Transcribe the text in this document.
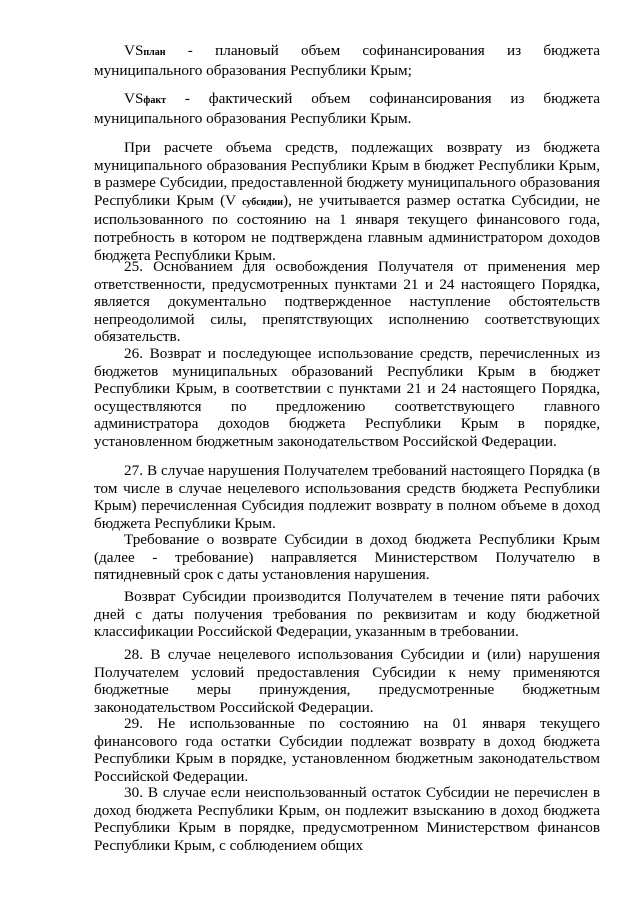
VSплан - плановый объем софинансирования из бюджета муниципального образования Республики Крым;

VSфакт - фактический объем софинансирования из бюджета муниципального образования Республики Крым.

При расчете объема средств, подлежащих возврату из бюджета муниципального образования Республики Крым в бюджет Республики Крым, в размере Субсидии, предоставленной бюджету муниципального образования Республики Крым (V субсидии), не учитывается размер остатка Субсидии, не использованного по состоянию на 1 января текущего финансового года, потребность в котором не подтверждена главным администратором доходов бюджета Республики Крым.

25. Основанием для освобождения Получателя от применения мер ответственности, предусмотренных пунктами 21 и 24 настоящего Порядка, является документально подтвержденное наступление обстоятельств непреодолимой силы, препятствующих исполнению соответствующих обязательств.

26. Возврат и последующее использование средств, перечисленных из бюджетов муниципальных образований Республики Крым в бюджет Республики Крым, в соответствии с пунктами 21 и 24 настоящего Порядка, осуществляются по предложению соответствующего главного администратора доходов бюджета Республики Крым в порядке, установленном бюджетным законодательством Российской Федерации.

27. В случае нарушения Получателем требований настоящего Порядка (в том числе в случае нецелевого использования средств бюджета Республики Крым) перечисленная Субсидия подлежит возврату в полном объеме в доход бюджета Республики Крым.

Требование о возврате Субсидии в доход бюджета Республики Крым (далее - требование) направляется Министерством Получателю в пятидневный срок с даты установления нарушения.

Возврат Субсидии производится Получателем в течение пяти рабочих дней с даты получения требования по реквизитам и коду бюджетной классификации Российской Федерации, указанным в требовании.

28. В случае нецелевого использования Субсидии и (или) нарушения Получателем условий предоставления Субсидии к нему применяются бюджетные меры принуждения, предусмотренные бюджетным законодательством Российской Федерации.

29. Не использованные по состоянию на 01 января текущего финансового года остатки Субсидии подлежат возврату в доход бюджета Республики Крым в порядке, установленном бюджетным законодательством Российской Федерации.

30. В случае если неиспользованный остаток Субсидии не перечислен в доход бюджета Республики Крым, он подлежит взысканию в доход бюджета Республики Крым в порядке, предусмотренном Министерством финансов Республики Крым, с соблюдением общих
